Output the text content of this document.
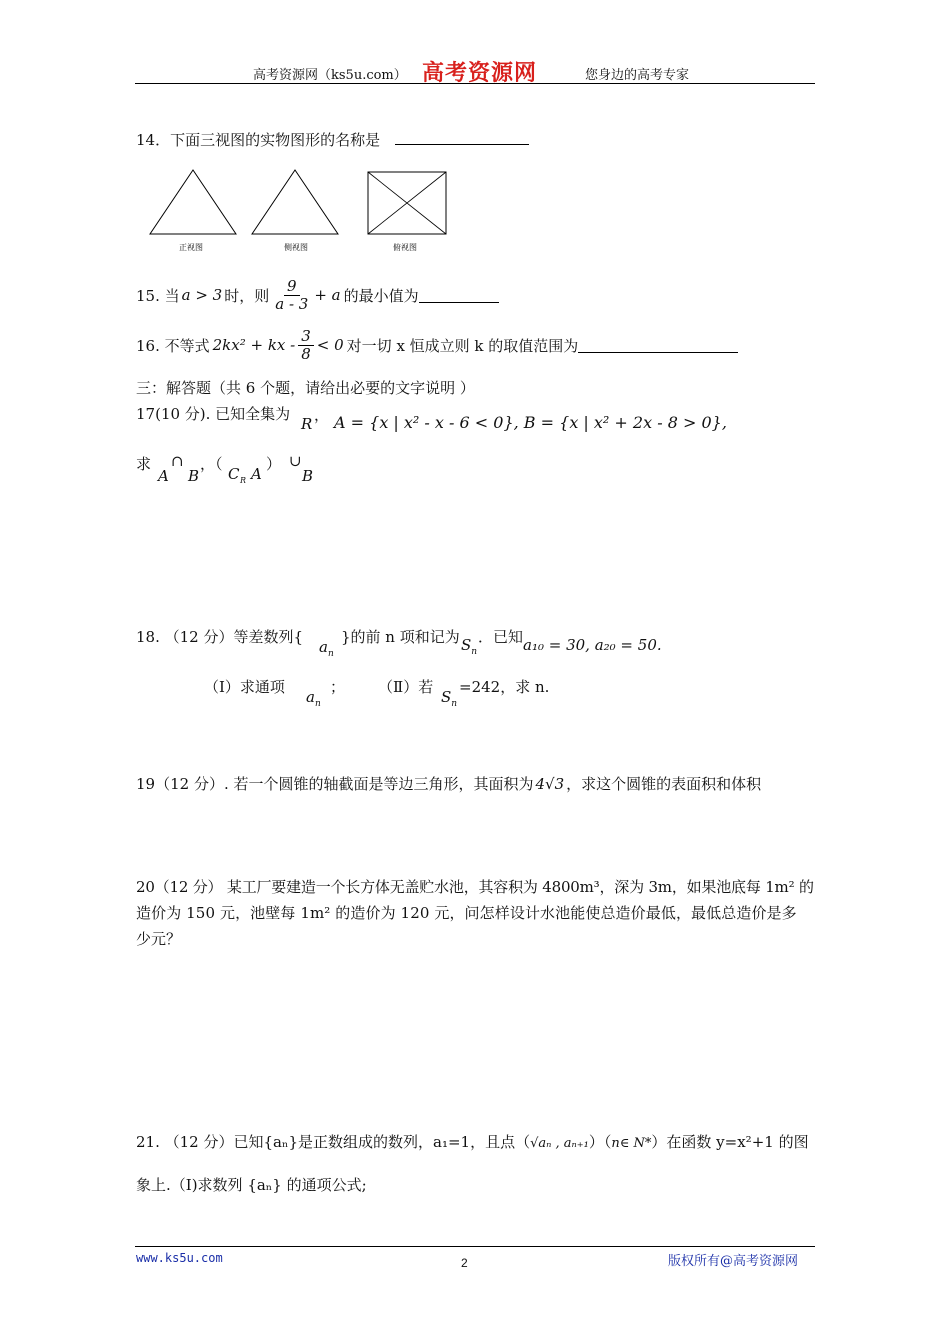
高考资源网（ks5u.com） 高考资源网	您身边的高考专家
14．下面三视图的实物图形的名称是
正视图	侧视图	俯视图
15. 当 a > 3 时，则 $\frac{9}{a - 3} + a$ 的最小值为
16. 不等式 2kx² + kx - $\frac{3}{8} < 0$ 对一切 x 恒成立则 k 的取值范围为
三：解答题（共 6 个题，请给出必要的文字说明 ）
17(10 分). 已知全集为
R ， A = {x | x² - x - 6 < 0}, B = {x | x² + 2x - 8 > 0},
求
A
∩
B
，（
C R A
） ∪
B
18. （12 分）等差数列{
$a_n$
}的前 n 项和记为 $S_n$
．已知 a₁₀ = 30, a₂₀ = 50.
（Ⅰ）求通项
$a_n$
； （Ⅱ）若
$S_n$
=242，求 n.
19（12 分）. 若一个圆锥的轴截面是等边三角形，其面积为 4√3 ，求这个圆锥的表面积和体积
20（12 分） 某工厂要建造一个长方体无盖贮水池，其容积为 4800m³，深为 3m，如果池底每 1m² 的
造价为 150 元，池壁每 1m² 的造价为 120 元，问怎样设计水池能使总造价最低，最低总造价是多
少元？
21. （12 分）已知{aₙ}是正数组成的数列，a₁=1，且点（√aₙ , aₙ₊₁）（n∈ N*）在函数 y=x²+1 的图
象上.（Ⅰ)求数列 {aₙ} 的通项公式;
www.ks5u.com	2	版权所有@高考资源网
